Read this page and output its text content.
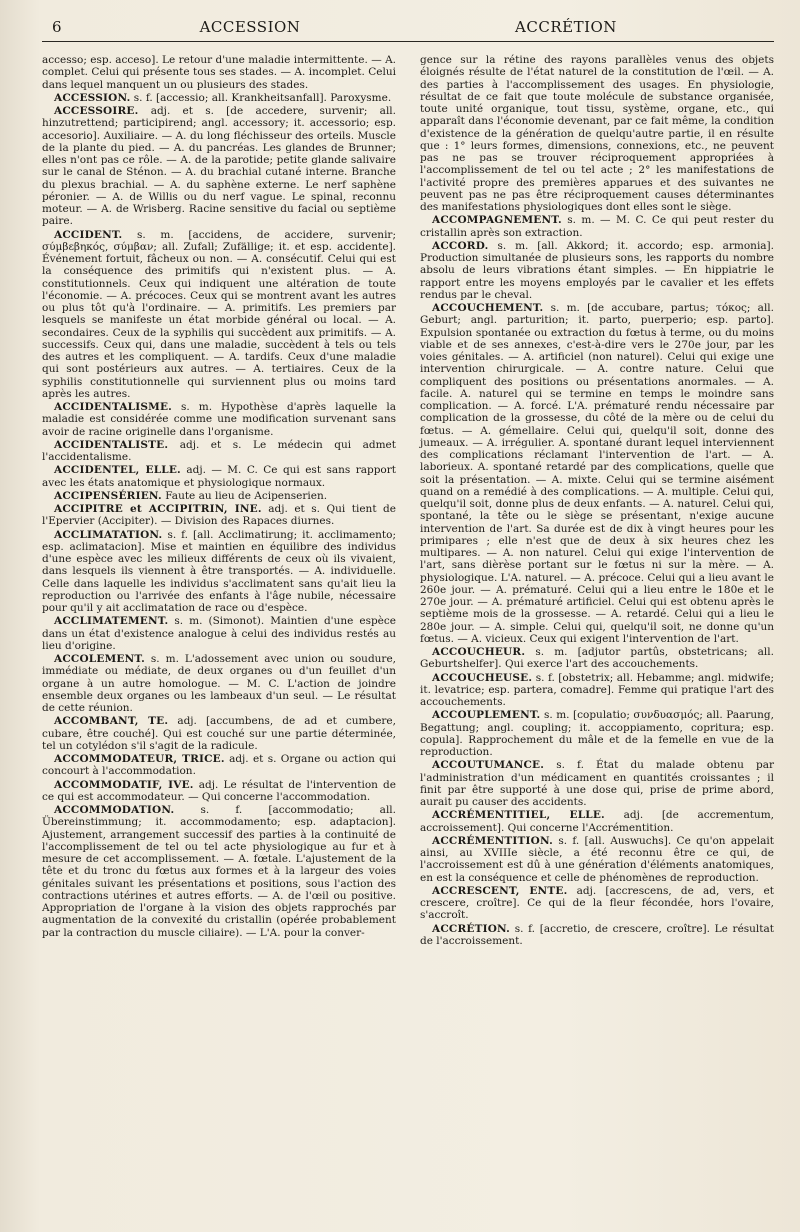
6	ACCESSION	ACCRÉTION

accesso; esp. acceso]. Le retour d'une maladie intermittente. — A. complet. Celui qui présente tous ses stades. — A. incomplet. Celui dans lequel manquent un ou plusieurs des stades.

ACCESSION. s. f. [accessio; all. Krankheitsanfall]. Paroxysme.

ACCESSOIRE. adj. et s. [de accedere, survenir; all. hinzutrettend; participirend; angl. accessory; it. accessorio; esp. accesorio]. Auxiliaire. — A. du long fléchisseur des orteils. Muscle de la plante du pied. — A. du pancréas. Les glandes de Brunner; elles n'ont pas ce rôle. — A. de la parotide; petite glande salivaire sur le canal de Sténon. — A. du brachial cutané interne. Branche du plexus brachial. — A. du saphène externe. Le nerf saphène péronier. — A. de Willis ou du nerf vague. Le spinal, reconnu moteur. — A. de Wrisberg. Racine sensitive du facial ou septième paire.

ACCIDENT. s. m. [accidens, de accidere, survenir; σύμβεβηκός, σύμβαν; all. Zufall; Zufällige; it. et esp. accidente]. Événement fortuit, fâcheux ou non. — A. consécutif. Celui qui est la conséquence des primitifs qui n'existent plus. — A. constitutionnels. Ceux qui indiquent une altération de toute l'économie. — A. précoces. Ceux qui se montrent avant les autres ou plus tôt qu'à l'ordinaire. — A. primitifs. Les premiers par lesquels se manifeste un état morbide général ou local. — A. secondaires. Ceux de la syphilis qui succèdent aux primitifs. — A. successifs. Ceux qui, dans une maladie, succèdent à tels ou tels des autres et les compliquent. — A. tardifs. Ceux d'une maladie qui sont postérieurs aux autres. — A. tertiaires. Ceux de la syphilis constitutionnelle qui surviennent plus ou moins tard après les autres.

ACCIDENTALISME. s. m. Hypothèse d'après laquelle la maladie est considérée comme une modification survenant sans avoir de racine originelle dans l'organisme.

ACCIDENTALISTE. adj. et s. Le médecin qui admet l'accidentalisme.

ACCIDENTEL, ELLE. adj. — M. C. Ce qui est sans rapport avec les états anatomique et physiologique normaux.

ACCIPENSÉRIEN. Faute au lieu de Acipenserien.

ACCIPITRE et ACCIPITRIN, INE. adj. et s. Qui tient de l'Epervier (Accipiter). — Division des Rapaces diurnes.

ACCLIMATATION. s. f. [all. Acclimatirung; it. acclimamento; esp. aclimatacion]. Mise et maintien en équilibre des individus d'une espèce avec les milieux différents de ceux où ils vivaient, dans lesquels ils viennent à être transportés. — A. individuelle. Celle dans laquelle les individus s'acclimatent sans qu'ait lieu la reproduction ou l'arrivée des enfants à l'âge nubile, nécessaire pour qu'il y ait acclimatation de race ou d'espèce.

ACCLIMATEMENT. s. m. (Simonot). Maintien d'une espèce dans un état d'existence analogue à celui des individus restés au lieu d'origine.

ACCOLEMENT. s. m. L'adossement avec union ou soudure, immédiate ou médiate, de deux organes ou d'un feuillet d'un organe à un autre homologue. — M. C. L'action de joindre ensemble deux organes ou les lambeaux d'un seul. — Le résultat de cette réunion.

ACCOMBANT, TE. adj. [accumbens, de ad et cumbere, cubare, être couché]. Qui est couché sur une partie déterminée, tel un cotylédon s'il s'agit de la radicule.

ACCOMMODATEUR, TRICE. adj. et s. Organe ou action qui concourt à l'accommodation.

ACCOMMODATIF, IVE. adj. Le résultat de l'intervention de ce qui est accommodateur. — Qui concerne l'accommodation.

ACCOMMODATION. s. f. [accommodatio; all. Übereinstimmung; it. accommodamento; esp. adaptacion]. Ajustement, arrangement successif des parties à la continuité de l'accomplissement de tel ou tel acte physiologique au fur et à mesure de cet accomplissement. — A. fœtale. L'ajustement de la tête et du tronc du fœtus aux formes et à la largeur des voies génitales suivant les présentations et positions, sous l'action des contractions utérines et autres efforts. — A. de l'œil ou positive. Appropriation de l'organe à la vision des objets rapprochés par augmentation de la convexité du cristallin (opérée probablement par la contraction du muscle ciliaire). — L'A. pour la conver-

gence sur la rétine des rayons parallèles venus des objets éloignés résulte de l'état naturel de la constitution de l'œil. — A. des parties à l'accomplissement des usages. En physiologie, résultat de ce fait que toute molécule de substance organisée, toute unité organique, tout tissu, système, organe, etc., qui apparaît dans l'économie devenant, par ce fait même, la condition d'existence de la génération de quelqu'autre partie, il en résulte que : 1° leurs formes, dimensions, connexions, etc., ne peuvent pas ne pas se trouver réciproquement appropriées à l'accomplissement de tel ou tel acte ; 2° les manifestations de l'activité propre des premières apparues et des suivantes ne peuvent pas ne pas être réciproquement causes déterminantes des manifestations physiologiques dont elles sont le siège.

ACCOMPAGNEMENT. s. m. — M. C. Ce qui peut rester du cristallin après son extraction.

ACCORD. s. m. [all. Akkord; it. accordo; esp. armonia]. Production simultanée de plusieurs sons, les rapports du nombre absolu de leurs vibrations étant simples. — En hippiatrie le rapport entre les moyens employés par le cavalier et les effets rendus par le cheval.

ACCOUCHEMENT. s. m. [de accubare, partus; τόκος; all. Geburt; angl. parturition; it. parto, puerperio; esp. parto]. Expulsion spontanée ou extraction du fœtus à terme, ou du moins viable et de ses annexes, c'est-à-dire vers le 270e jour, par les voies génitales. — A. artificiel (non naturel). Celui qui exige une intervention chirurgicale. — A. contre nature. Celui que compliquent des positions ou présentations anormales. — A. facile. A. naturel qui se termine en temps le moindre sans complication. — A. forcé. L'A. prématuré rendu nécessaire par complication de la grossesse, du côté de la mère ou de celui du fœtus. — A. gémellaire. Celui qui, quelqu'il soit, donne des jumeaux. — A. irrégulier. A. spontané durant lequel interviennent des complications réclamant l'intervention de l'art. — A. laborieux. A. spontané retardé par des complications, quelle que soit la présentation. — A. mixte. Celui qui se termine aisément quand on a remédié à des complications. — A. multiple. Celui qui, quelqu'il soit, donne plus de deux enfants. — A. naturel. Celui qui, spontané, la tête ou le siège se présentant, n'exige aucune intervention de l'art. Sa durée est de dix à vingt heures pour les primipares ; elle n'est que de deux à six heures chez les multipares. — A. non naturel. Celui qui exige l'intervention de l'art, sans dièrèse portant sur le fœtus ni sur la mère. — A. physiologique. L'A. naturel. — A. précoce. Celui qui a lieu avant le 260e jour. — A. prématuré. Celui qui a lieu entre le 180e et le 270e jour. — A. prématuré artificiel. Celui qui est obtenu après le septième mois de la grossesse. — A. retardé. Celui qui a lieu le 280e jour. — A. simple. Celui qui, quelqu'il soit, ne donne qu'un fœtus. — A. vicieux. Ceux qui exigent l'intervention de l'art.

ACCOUCHEUR. s. m. [adjutor partûs, obstetricans; all. Geburtshelfer]. Qui exerce l'art des accouchements.

ACCOUCHEUSE. s. f. [obstetrix; all. Hebamme; angl. midwife; it. levatrice; esp. partera, comadre]. Femme qui pratique l'art des accouchements.

ACCOUPLEMENT. s. m. [copulatio; συνδυασμός; all. Paarung, Begattung; angl. coupling; it. accoppiamento, copritura; esp. copula]. Rapprochement du mâle et de la femelle en vue de la reproduction.

ACCOUTUMANCE. s. f. État du malade obtenu par l'administration d'un médicament en quantités croissantes ; il finit par être supporté à une dose qui, prise de prime abord, aurait pu causer des accidents.

ACCRÉMENTITIEL, ELLE. adj. [de accrementum, accroissement]. Qui concerne l'Accrémentition.

ACCRÉMENTITION. s. f. [all. Auswuchs]. Ce qu'on appelait ainsi, au XVIIIe siècle, a été reconnu être ce qui, de l'accroissement est dû à une génération d'éléments anatomiques, en est la conséquence et celle de phénomènes de reproduction.

ACCRESCENT, ENTE. adj. [accrescens, de ad, vers, et crescere, croître]. Ce qui de la fleur fécondée, hors l'ovaire, s'accroît.

ACCRÉTION. s. f. [accretio, de crescere, croître]. Le résultat de l'accroissement.
